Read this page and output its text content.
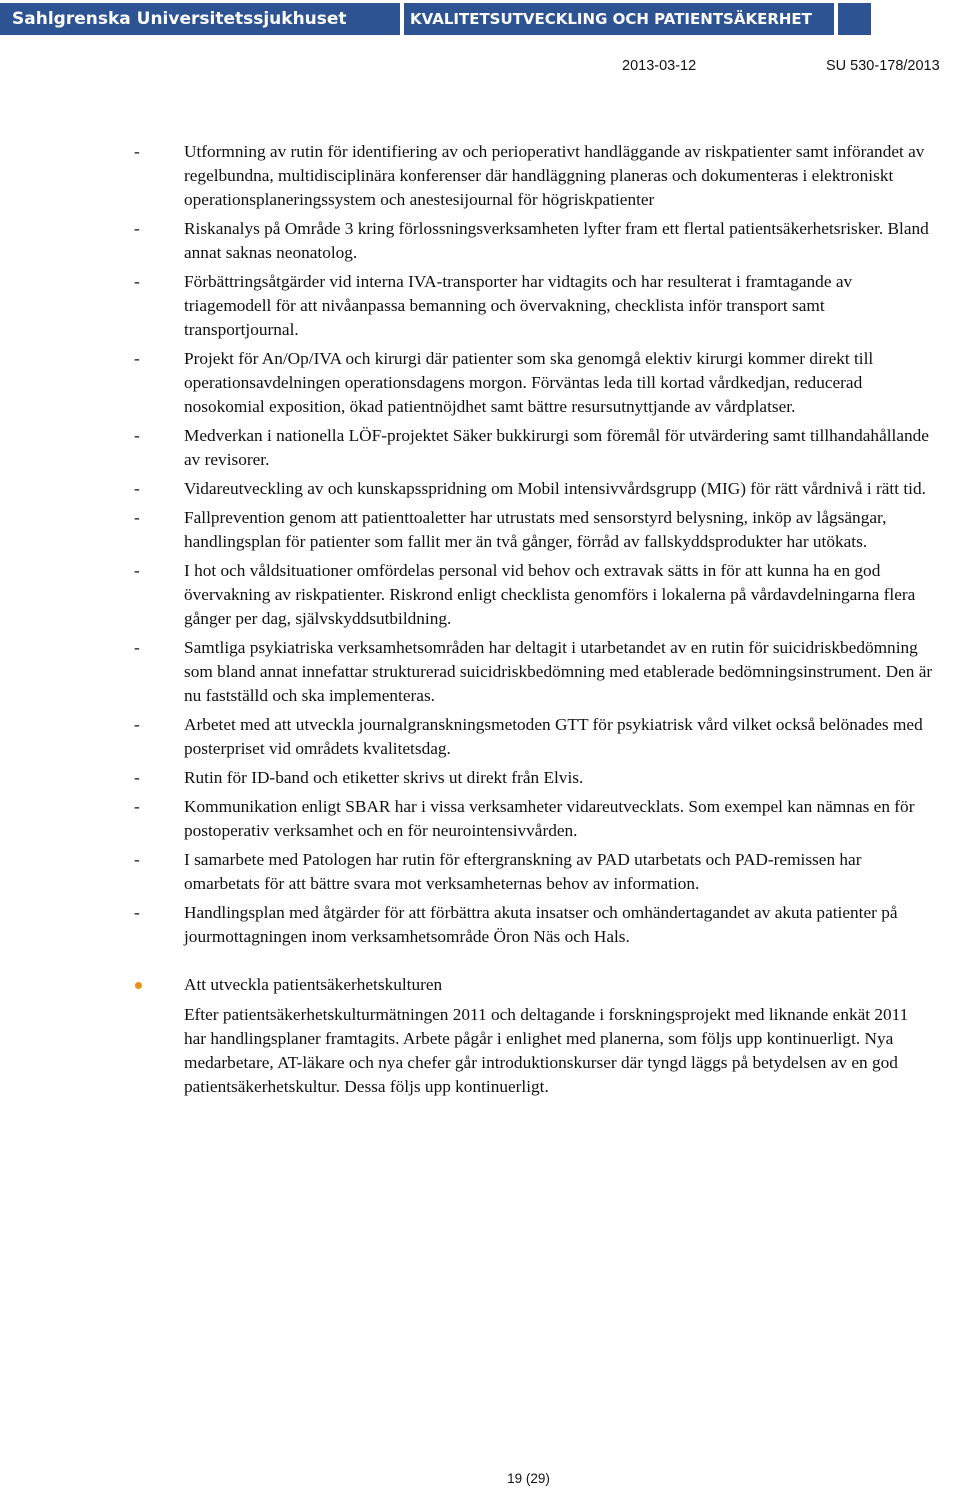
Sahlgrenska Universitetssjukhuset	KVALITETSUTVECKLING OCH PATIENTSÄKERHET
2013-03-12	SU 530-178/2013
-	Utformning av rutin för identifiering av och perioperativt handläggande av riskpatienter samt införandet av regelbundna, multidisciplinära konferenser där handläggning planeras och dokumenteras i elektroniskt operationsplaneringssystem och anestesijournal för högriskpatienter
-	Riskanalys på Område 3 kring förlossningsverksamheten lyfter fram ett flertal patientsäkerhetsrisker. Bland annat saknas neonatolog.
-	Förbättringsåtgärder vid interna IVA-transporter har vidtagits och har resulterat i framtagande av triagemodell för att nivåanpassa bemanning och övervakning, checklista inför transport samt transportjournal.
-	Projekt för An/Op/IVA och kirurgi där patienter som ska genomgå elektiv kirurgi kommer direkt till operationsavdelningen operationsdagens morgon. Förväntas leda till kortad vårdkedjan, reducerad nosokomial exposition, ökad patientnöjdhet samt bättre resursutnyttjande av vårdplatser.
-	Medverkan i nationella LÖF-projektet Säker bukkirurgi som föremål för utvärdering samt tillhandahållande av revisorer.
-	Vidareutveckling av och kunskapsspridning om Mobil intensivvårdsgrupp (MIG) för rätt vårdnivå i rätt tid.
-	Fallprevention genom att patienttoaletter har utrustats med sensorstyrd belysning, inköp av lågsängar, handlingsplan för patienter som fallit mer än två gånger, förråd av fallskyddsprodukter har utökats.
-	I hot och våldsituationer omfördelas personal vid behov och extravak sätts in för att kunna ha en god övervakning av riskpatienter. Riskrond enligt checklista genomförs i lokalerna på vårdavdelningarna flera gånger per dag, självskyddsutbildning.
-	Samtliga psykiatriska verksamhetsområden har deltagit i utarbetandet av en rutin för suicidriskbedömning som bland annat innefattar strukturerad suicidriskbedömning med etablerade bedömningsinstrument. Den är nu fastställd och ska implementeras.
-	Arbetet med att utveckla journalgranskningsmetoden GTT för psykiatrisk vård vilket också belönades med posterpriset vid områdets kvalitetsdag.
-	Rutin för ID-band och etiketter skrivs ut direkt från Elvis.
-	Kommunikation enligt SBAR har i vissa verksamheter vidareutvecklats. Som exempel kan nämnas en för postoperativ verksamhet och en för neurointensivvården.
-	I samarbete med Patologen har rutin för eftergranskning av PAD utarbetats och PAD-remissen har omarbetats för att bättre svara mot verksamheternas behov av information.
-	Handlingsplan med åtgärder för att förbättra akuta insatser och omhändertagandet av akuta patienter på jourmottagningen inom verksamhetsområde Öron Näs och Hals.
Att utveckla patientsäkerhetskulturen
Efter patientsäkerhetskulturmätningen 2011 och deltagande i forskningsprojekt med liknande enkät 2011 har handlingsplaner framtagits. Arbete pågår i enlighet med planerna, som följs upp kontinuerligt. Nya medarbetare, AT-läkare och nya chefer går introduktionskurser där tyngd läggs på betydelsen av en god patientsäkerhetskultur. Dessa följs upp kontinuerligt.
19 (29)
